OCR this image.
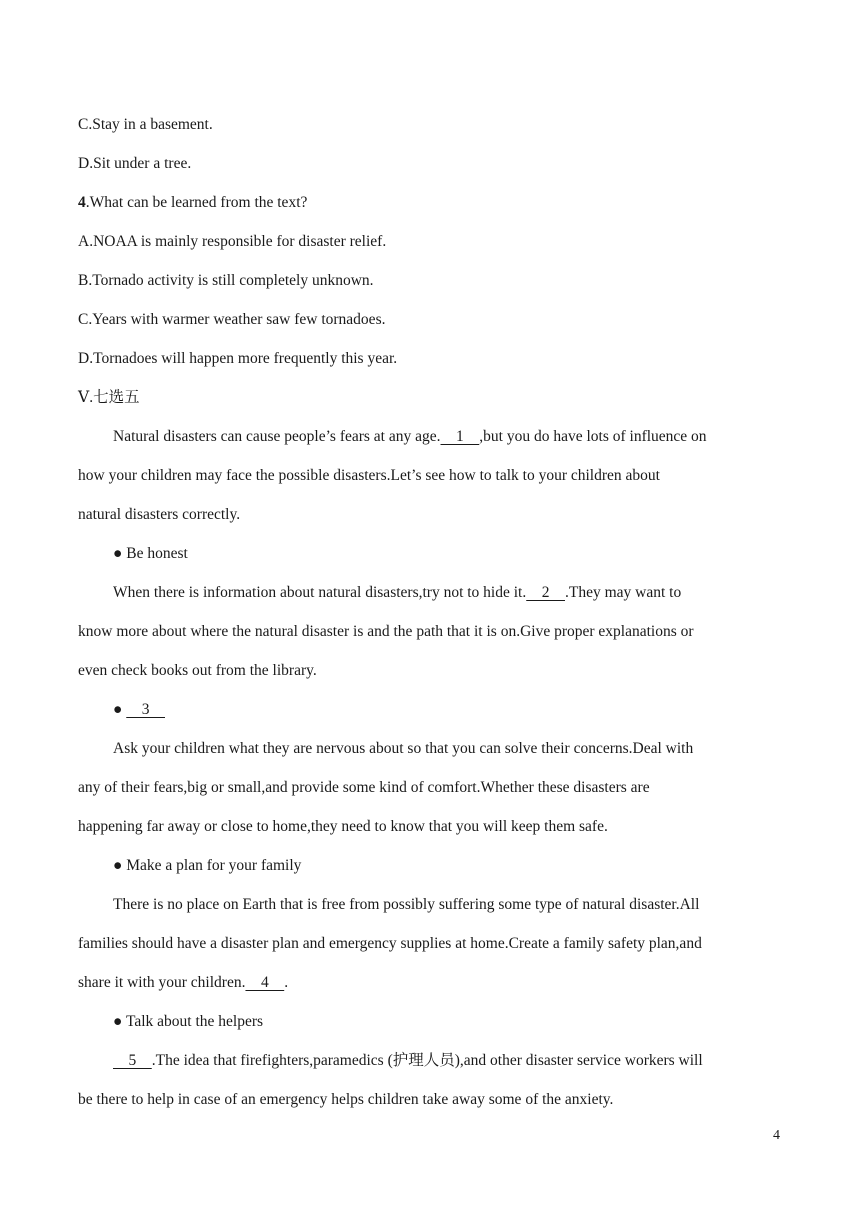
C.Stay in a basement.
D.Sit under a tree.
4.What can be learned from the text?
A.NOAA is mainly responsible for disaster relief.
B.Tornado activity is still completely unknown.
C.Years with warmer weather saw few tornadoes.
D.Tornadoes will happen more frequently this year.
Ⅴ.七选五
Natural disasters can cause people’s fears at any age.    1    ,but you do have lots of influence on
how your children may face the possible disasters.Let’s see how to talk to your children about
natural disasters correctly.
● Be honest
When there is information about natural disasters,try not to hide it.    2    .They may want to
know more about where the natural disaster is and the path that it is on.Give proper explanations or
even check books out from the library.
●     3
Ask your children what they are nervous about so that you can solve their concerns.Deal with
any of their fears,big or small,and provide some kind of comfort.Whether these disasters are
happening far away or close to home,they need to know that you will keep them safe.
● Make a plan for your family
There is no place on Earth that is free from possibly suffering some type of natural disaster.All
families should have a disaster plan and emergency supplies at home.Create a family safety plan,and
share it with your children.    4    .
● Talk about the helpers
5    .The idea that firefighters,paramedics (护理人员),and other disaster service workers will
be there to help in case of an emergency helps children take away some of the anxiety.
4
